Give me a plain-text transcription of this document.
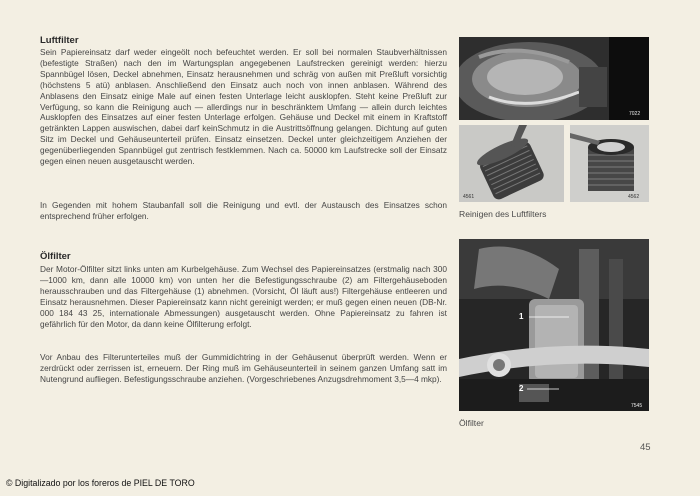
Luftfilter

Sein Papiereinsatz darf weder eingeölt noch befeuchtet werden. Er soll bei normalen Staubverhältnissen (befestigte Straßen) nach den im Wartungsplan angegebenen Laufstrecken gereinigt werden: hierzu Spannbügel lösen, Deckel abnehmen, Einsatz herausnehmen und schräg von außen mit Preßluft vorsichtig (höchstens 5 atü) anblasen. Anschließend den Einsatz auch noch von innen anblasen. Während des Anblasens den Einsatz einige Male auf einen festen Unterlage leicht ausklopfen. Steht keine Preßluft zur Verfügung, so kann die Reinigung auch — allerdings nur in beschränktem Umfang — allein durch leichtes Ausklopfen des Einsatzes auf einer festen Unterlage erfolgen. Gehäuse und Deckel mit einem in Kraftstoff getränkten Lappen auswischen, dabei darf keinSchmutz in die Austrittsöffnung gelangen. Dichtung auf guten Sitz im Deckel und Gehäuseunterteil prüfen. Einsatz einsetzen. Deckel unter gleichzeitigem Anziehen der gegenüberliegenden Spannbügel gut zentrisch festklemmen. Nach ca. 50000 km Laufstrecke soll der Einsatz gegen einen neuen ausgetauscht werden.

In Gegenden mit hohem Staubanfall soll die Reinigung und evtl. der Austausch des Einsatzes schon entsprechend früher erfolgen.

7022
4561	4562
Reinigen des Luftfilters
Ölfilter

Der Motor-Ölfilter sitzt links unten am Kurbelgehäuse. Zum Wechsel des Papiereinsatzes (erstmalig nach 300—1000 km, dann alle 10000 km) von unten her die Befestigungsschraube (2) am Filtergehäuseboden herausschrauben und das Filtergehäuse (1) abnehmen. (Vorsicht, Öl läuft aus!) Filtergehäuse entleeren und Einsatz herausnehmen. Dieser Papiereinsatz kann nicht gereinigt werden; er muß gegen einen neuen (DB-Nr. 000 184 43 25, internationale Abmessungen) ausgetauscht werden. Ohne Papiereinsatz zu fahren ist gefährlich für den Motor, da dann keine Ölfilterung erfolgt.

Vor Anbau des Filterunterteiles muß der Gummidichtring in der Gehäusenut überprüft werden. Wenn er zerdrückt oder zerrissen ist, erneuern. Der Ring muß im Gehäuseunterteil in seinem ganzen Umfang satt im Nutengrund aufliegen. Befestigungsschraube anziehen. (Vorgeschriebenes Anzugsdrehmoment 3,5—4 mkp).

1
2
7545
Ölfilter
45
© Digitalizado por los foreros de PIEL DE TORO
